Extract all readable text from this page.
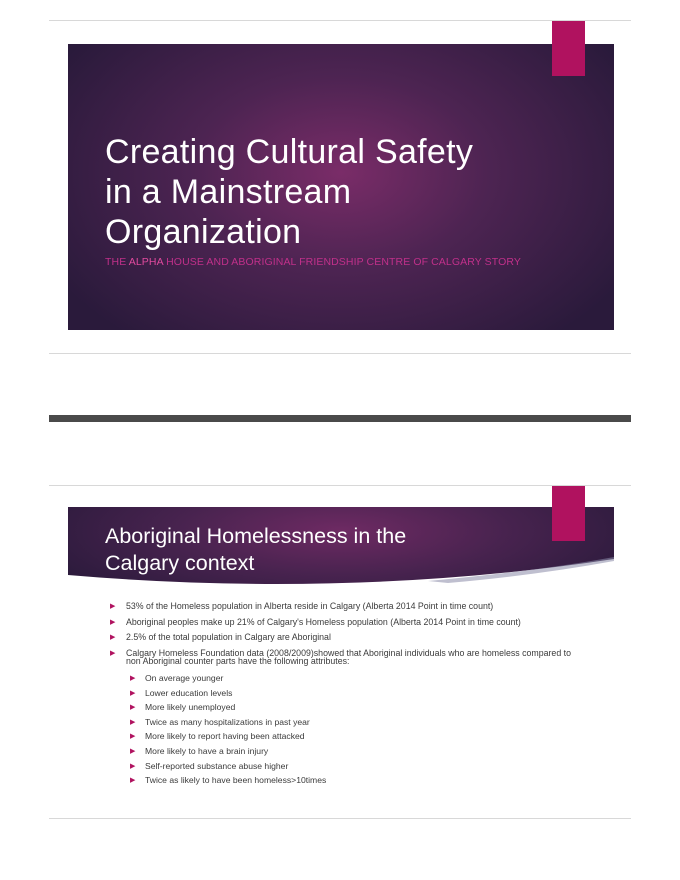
Creating Cultural Safety
in a Mainstream
Organization
THE ALPHA HOUSE AND ABORIGINAL FRIENDSHIP CENTRE OF CALGARY STORY
Aboriginal Homelessness in the
Calgary context
▶ 53% of the Homeless population in Alberta reside in Calgary (Alberta 2014 Point in time count)
▶ Aboriginal peoples make up 21% of Calgary's Homeless population (Alberta 2014 Point in time count)
▶ 2.5% of the total population in Calgary are Aboriginal
▶ Calgary Homeless Foundation data (2008/2009)showed that Aboriginal individuals who are homeless compared to non Aboriginal counter parts have the following attributes:
▶ On average younger
▶ Lower education levels
▶ More likely unemployed
▶ Twice as many hospitalizations in past year
▶ More likely to report having been attacked
▶ More likely to have a brain injury
▶ Self-reported substance abuse higher
▶ Twice as likely to have been homeless>10times
